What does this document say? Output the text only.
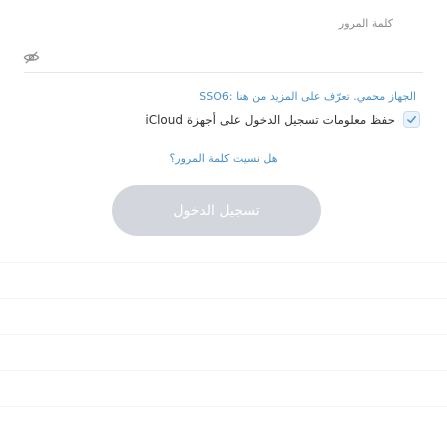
كلمة المرور
الجهاز محمي. تعرّف على المزيد من هنا :SSO6
حفظ معلومات تسجيل الدخول على أجهزة iCloud
هل نسيت كلمة المرور؟
تسجيل الدخول
